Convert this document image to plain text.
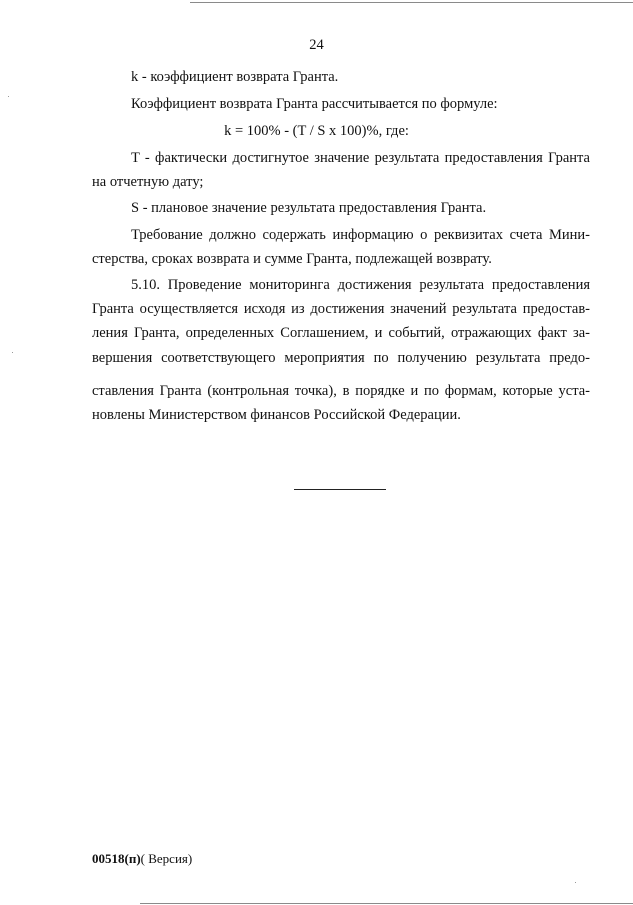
24
k - коэффициент возврата Гранта.
Коэффициент возврата Гранта рассчитывается по формуле:
k = 100% - (T / S x 100)%, где:
T - фактически достигнутое значение результата предоставления Гранта
на отчетную дату;
S - плановое значение результата предоставления Гранта.
Требование должно содержать информацию о реквизитах счета Мини-
стерства, сроках возврата и сумме Гранта, подлежащей возврату.
5.10. Проведение мониторинга достижения результата предоставления
Гранта осуществляется исходя из достижения значений результата предостав-
ления Гранта, определенных Соглашением, и событий, отражающих факт за-
вершения соответствующего мероприятия по получению результата предо-
ставления Гранта (контрольная точка), в порядке и по формам, которые уста-
новлены Министерством финансов Российской Федерации.
00518(п)( Версия)
